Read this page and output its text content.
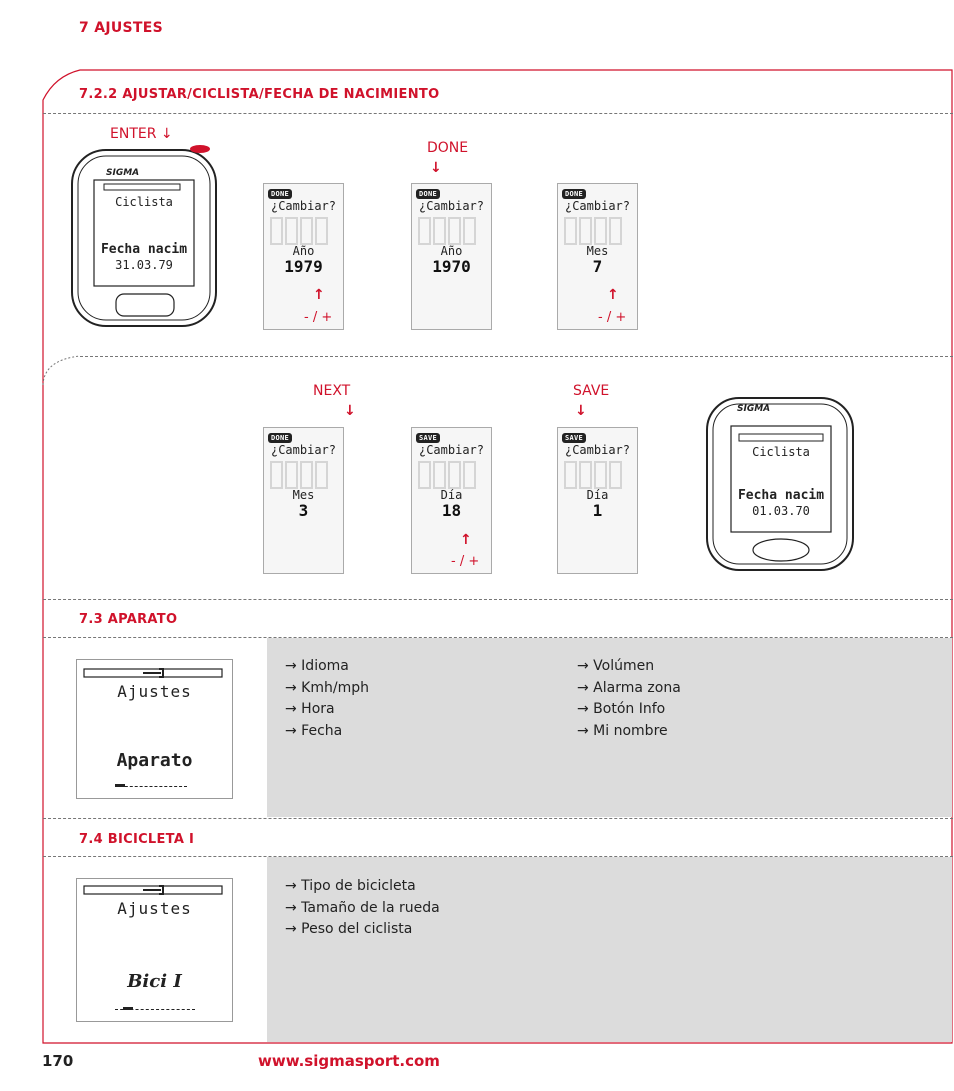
7 AJUSTES
7.2.2 AJUSTAR/CICLISTA/FECHA DE NACIMIENTO
ENTER ↓
SIGMA
Ciclista
Fecha nacim
31.03.79
DONE
↓
DONE
¿Cambiar?
Año
1979
DONE
¿Cambiar?
Año
1970
DONE
¿Cambiar?
Mes
7
↑
- / +
↑
- / +
NEXT
↓
SAVE
↓
DONE
¿Cambiar?
Mes
3
SAVE
¿Cambiar?
Día
18
SAVE
¿Cambiar?
Día
1
↑
- / +
SIGMA
Ciclista
Fecha nacim
01.03.70
7.3 APARATO
Ajustes
Aparato
→ Idioma
→ Kmh/mph
→ Hora
→ Fecha
→ Volúmen
→ Alarma zona
→ Botón Info
→ Mi nombre
7.4 BICICLETA I
Ajustes
Bici I
→ Tipo de bicicleta
→ Tamaño de la rueda
→ Peso del ciclista
170	www.sigmasport.com
